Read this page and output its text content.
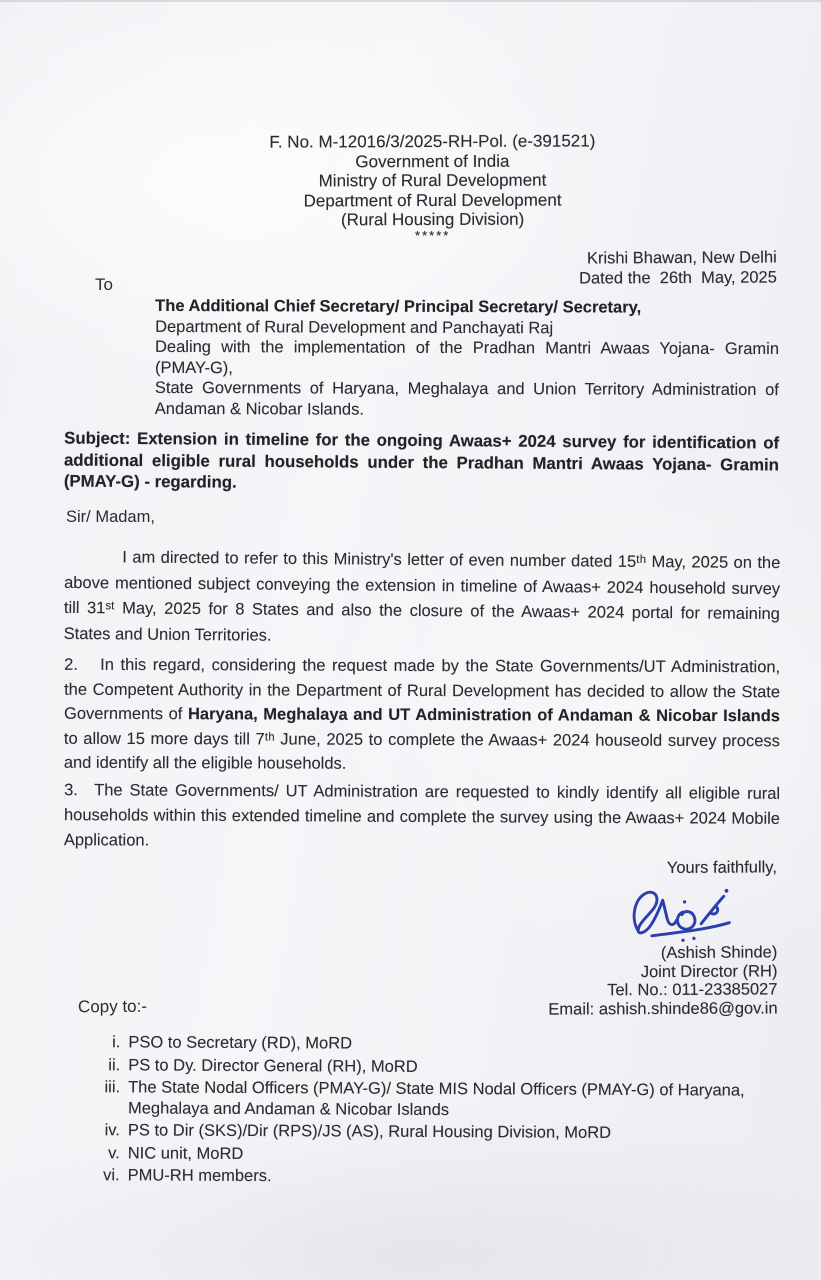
F. No. M-12016/3/2025-RH-Pol. (e-391521)
Government of India
Ministry of Rural Development
Department of Rural Development
(Rural Housing Division)
*****
Krishi Bhawan, New Delhi
Dated the  26th  May, 2025
To
The Additional Chief Secretary/ Principal Secretary/ Secretary,
Department of Rural Development and Panchayati Raj
Dealing with the implementation of the Pradhan Mantri Awaas Yojana- Gramin (PMAY-G),
State Governments of Haryana, Meghalaya and Union Territory Administration of Andaman & Nicobar Islands.
Subject: Extension in timeline for the ongoing Awaas+ 2024 survey for identification of additional eligible rural households under the Pradhan Mantri Awaas Yojana- Gramin (PMAY-G) - regarding.
Sir/ Madam,
I am directed to refer to this Ministry's letter of even number dated 15ᵗʰ May, 2025 on the above mentioned subject conveying the extension in timeline of Awaas+ 2024 household survey till 31ˢᵗ May, 2025 for 8 States and also the closure of the Awaas+ 2024 portal for remaining States and Union Territories.
2. In this regard, considering the request made by the State Governments/UT Administration, the Competent Authority in the Department of Rural Development has decided to allow the State Governments of Haryana, Meghalaya and UT Administration of Andaman & Nicobar Islands to allow 15 more days till 7ᵗʰ June, 2025 to complete the Awaas+ 2024 houseold survey process and identify all the eligible households.
3. The State Governments/ UT Administration are requested to kindly identify all eligible rural households within this extended timeline and complete the survey using the Awaas+ 2024 Mobile Application.
Yours faithfully,
(Ashish Shinde)
Joint Director (RH)
Tel. No.: 011-23385027
Email: ashish.shinde86@gov.in
Copy to:-
i. PSO to Secretary (RD), MoRD
ii. PS to Dy. Director General (RH), MoRD
iii. The State Nodal Officers (PMAY-G)/ State MIS Nodal Officers (PMAY-G) of Haryana, Meghalaya and Andaman & Nicobar Islands
iv. PS to Dir (SKS)/Dir (RPS)/JS (AS), Rural Housing Division, MoRD
v. NIC unit, MoRD
vi. PMU-RH members.
